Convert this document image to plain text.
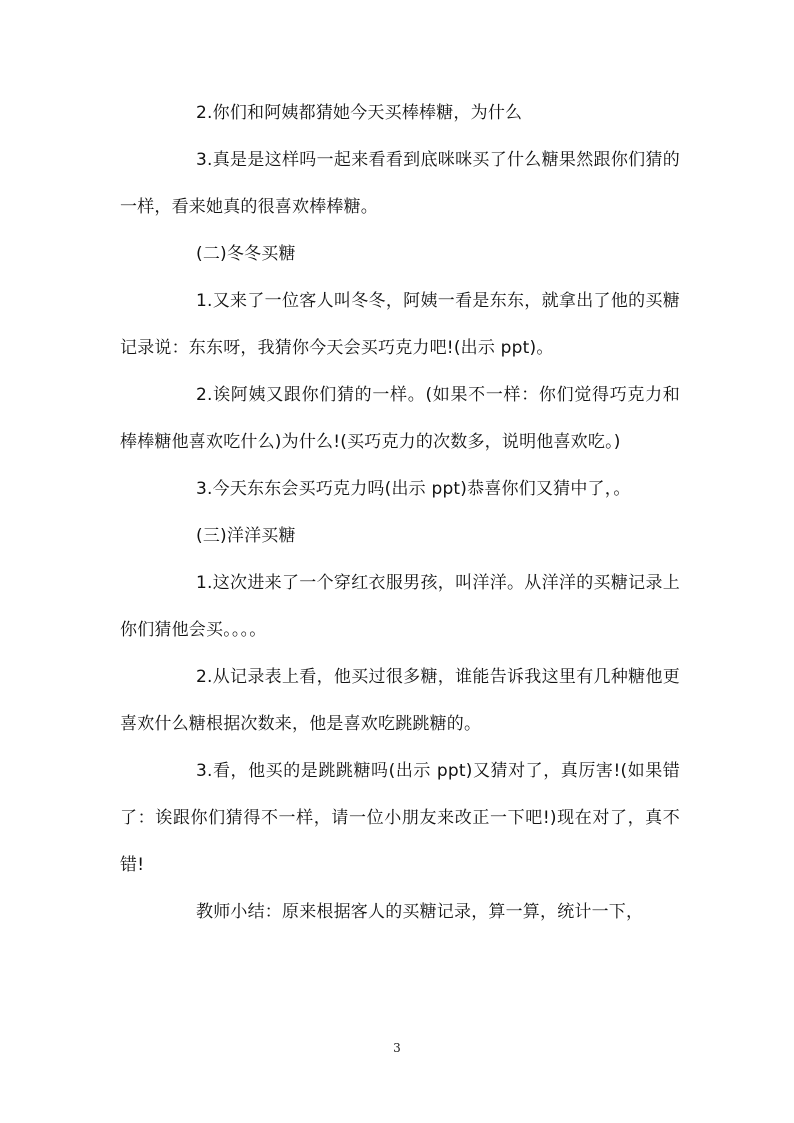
2.你们和阿姨都猜她今天买棒棒糖，为什么

3.真是是这样吗一起来看看到底咪咪买了什么糖果然跟你们猜的一样，看来她真的很喜欢棒棒糖。

(二)冬冬买糖

1.又来了一位客人叫冬冬，阿姨一看是东东，就拿出了他的买糖记录说：东东呀，我猜你今天会买巧克力吧!(出示 ppt)。

2.诶阿姨又跟你们猜的一样。(如果不一样：你们觉得巧克力和棒棒糖他喜欢吃什么)为什么!(买巧克力的次数多，说明他喜欢吃。)

3.今天东东会买巧克力吗(出示 ppt)恭喜你们又猜中了，。

(三)洋洋买糖

1.这次进来了一个穿红衣服男孩，叫洋洋。从洋洋的买糖记录上你们猜他会买。。。。

2.从记录表上看，他买过很多糖，谁能告诉我这里有几种糖他更喜欢什么糖根据次数来，他是喜欢吃跳跳糖的。

3.看，他买的是跳跳糖吗(出示 ppt)又猜对了，真厉害!(如果错了：诶跟你们猜得不一样，请一位小朋友来改正一下吧!)现在对了，真不错!

教师小结：原来根据客人的买糖记录，算一算，统计一下，

3
